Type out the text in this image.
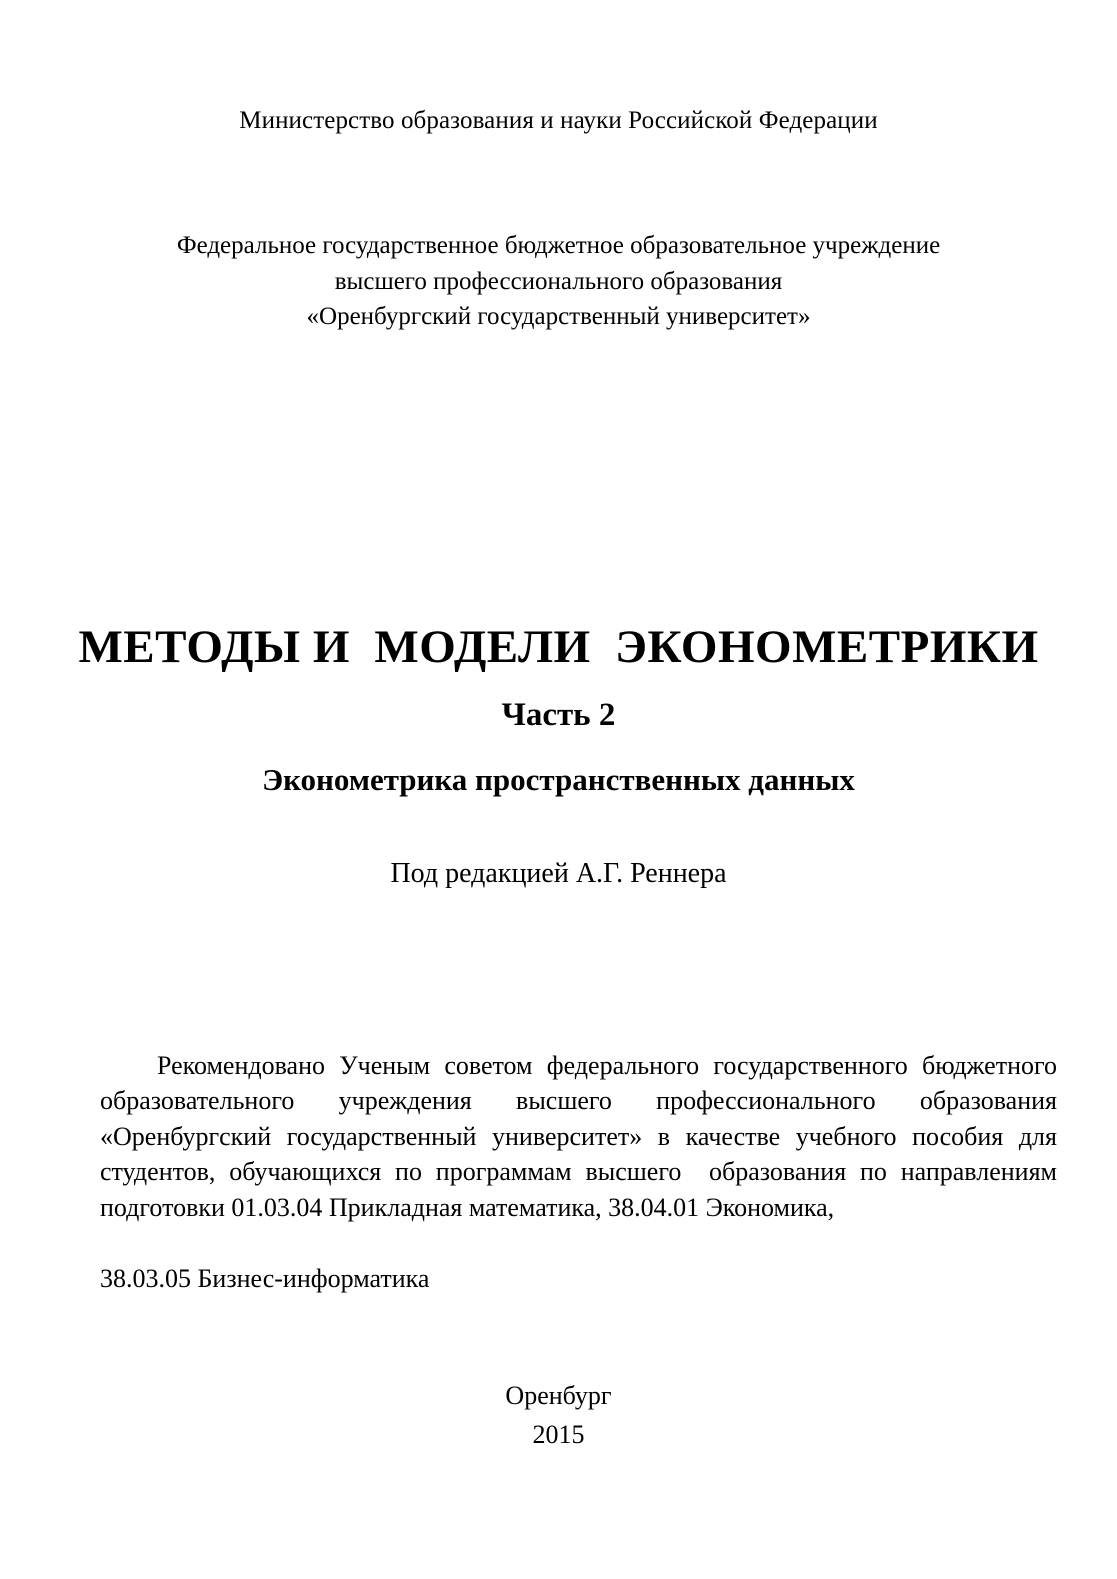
Министерство образования и науки Российской Федерации
Федеральное государственное бюджетное образовательное учреждение
высшего профессионального образования
«Оренбургский государственный университет»
МЕТОДЫ И  МОДЕЛИ  ЭКОНОМЕТРИКИ
Часть 2
Эконометрика пространственных данных
Под редакцией А.Г. Реннера

Рекомендовано Ученым советом федерального государственного бюджетного образовательного учреждения высшего профессионального образования «Оренбургский государственный университет» в качестве учебного пособия для студентов, обучающихся по программам высшего  образования по направлениям подготовки 01.03.04 Прикладная математика, 38.04.01 Экономика,

38.03.05 Бизнес-информатика

Оренбург
2015
